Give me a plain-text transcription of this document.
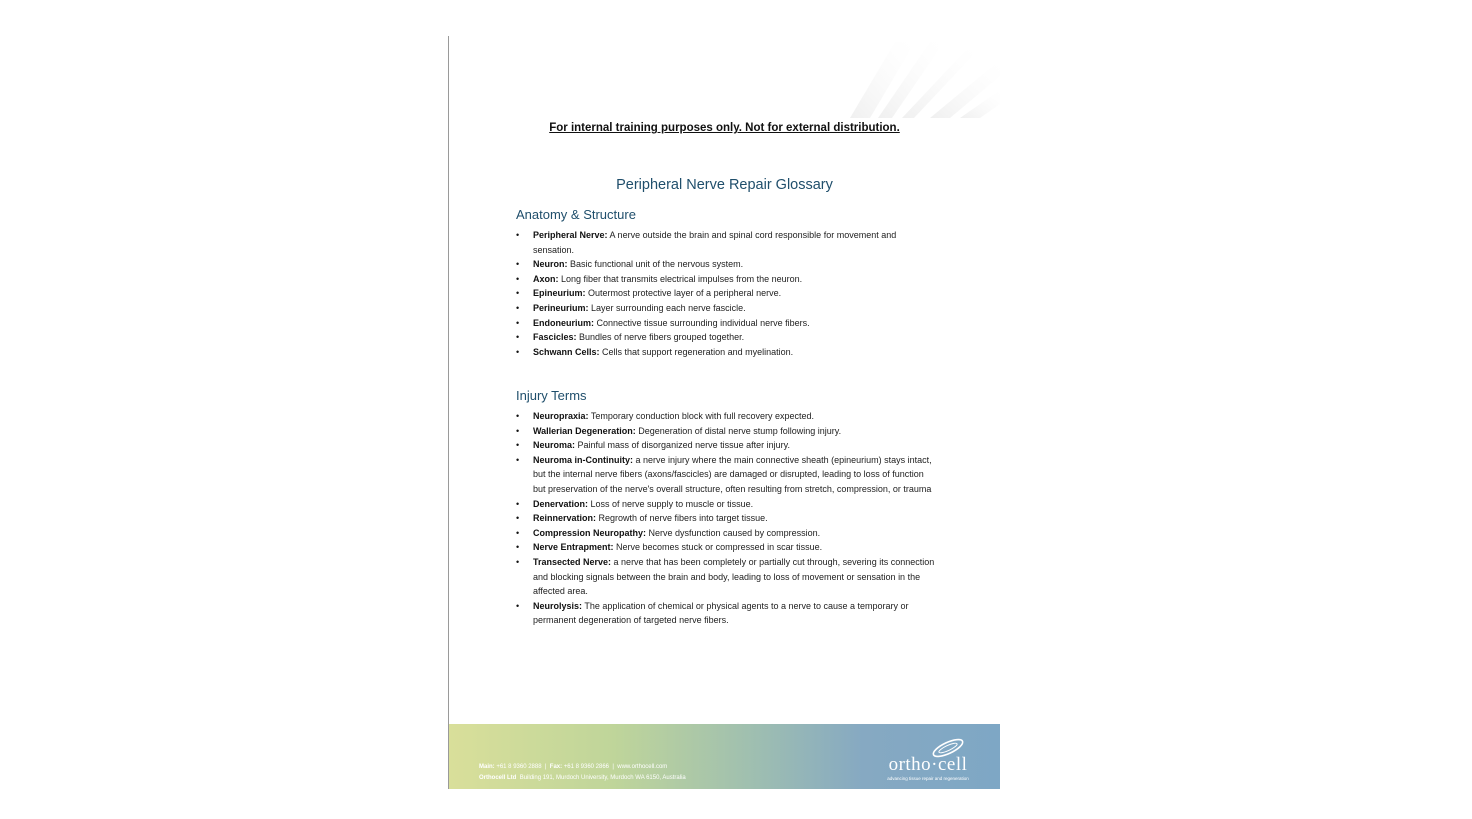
For internal training purposes only. Not for external distribution.
Peripheral Nerve Repair Glossary
Anatomy & Structure
• Peripheral Nerve: A nerve outside the brain and spinal cord responsible for movement and sensation.
• Neuron: Basic functional unit of the nervous system.
• Axon: Long fiber that transmits electrical impulses from the neuron.
• Epineurium: Outermost protective layer of a peripheral nerve.
• Perineurium: Layer surrounding each nerve fascicle.
• Endoneurium: Connective tissue surrounding individual nerve fibers.
• Fascicles: Bundles of nerve fibers grouped together.
• Schwann Cells: Cells that support regeneration and myelination.
Injury Terms
• Neuropraxia: Temporary conduction block with full recovery expected.
• Wallerian Degeneration: Degeneration of distal nerve stump following injury.
• Neuroma: Painful mass of disorganized nerve tissue after injury.
• Neuroma in-Continuity: a nerve injury where the main connective sheath (epineurium) stays intact, but the internal nerve fibers (axons/fascicles) are damaged or disrupted, leading to loss of function but preservation of the nerve's overall structure, often resulting from stretch, compression, or trauma
• Denervation: Loss of nerve supply to muscle or tissue.
• Reinnervation: Regrowth of nerve fibers into target tissue.
• Compression Neuropathy: Nerve dysfunction caused by compression.
• Nerve Entrapment: Nerve becomes stuck or compressed in scar tissue.
• Transected Nerve: a nerve that has been completely or partially cut through, severing its connection and blocking signals between the brain and body, leading to loss of movement or sensation in the affected area.
• Neurolysis: The application of chemical or physical agents to a nerve to cause a temporary or permanent degeneration of targeted nerve fibers.
Main: +61 8 9360 2888  |  Fax: +61 8 9360 2866  |  www.orthocell.com
Orthocell Ltd Building 191, Murdoch University, Murdoch WA 6150, Australia
ortho·cell
advancing tissue repair and regeneration
